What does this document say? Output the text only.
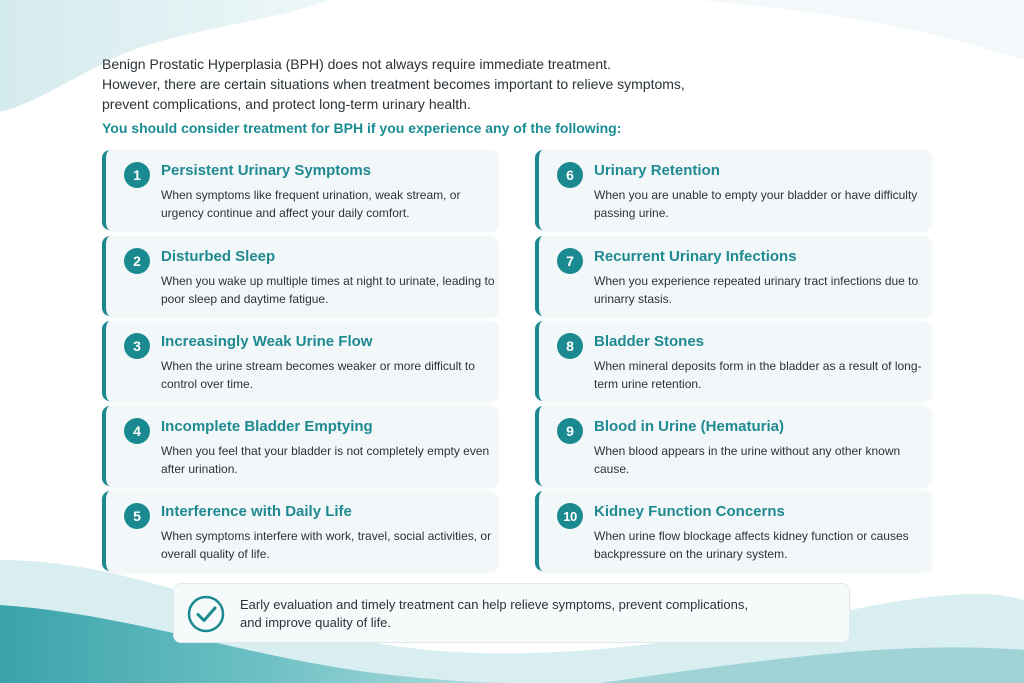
Benign Prostatic Hyperplasia (BPH) does not always require immediate treatment.

However, there are certain situations when treatment becomes important to relieve symptoms,

prevent complications, and protect long-term urinary health.

You should consider treatment for BPH if you experience any of the following:
1	Persistent Urinary Symptoms
When symptoms like frequent urination, weak stream, or urgency continue and affect your daily comfort.
2	Disturbed Sleep
When you wake up multiple times at night to urinate, leading to poor sleep and daytime fatigue.
3	Increasingly Weak Urine Flow
When the urine stream becomes weaker or more difficult to control over time.
4	Incomplete Bladder Emptying
When you feel that your bladder is not completely empty even after urination.
5	Interference with Daily Life
When symptoms interfere with work, travel, social activities, or overall quality of life.
6	Urinary Retention
When you are unable to empty your bladder or have difficulty passing urine.
7	Recurrent Urinary Infections
When you experience repeated urinary tract infections due to urinarry stasis.
8	Bladder Stones
When mineral deposits form in the bladder as a result of long-term urine retention.
9	Blood in Urine (Hematuria)
When blood appears in the urine without any other known cause.
10	Kidney Function Concerns
When urine flow blockage affects kidney function or causes backpressure on the urinary system.
Early evaluation and timely treatment can help relieve symptoms, prevent complications,
and improve quality of life.
